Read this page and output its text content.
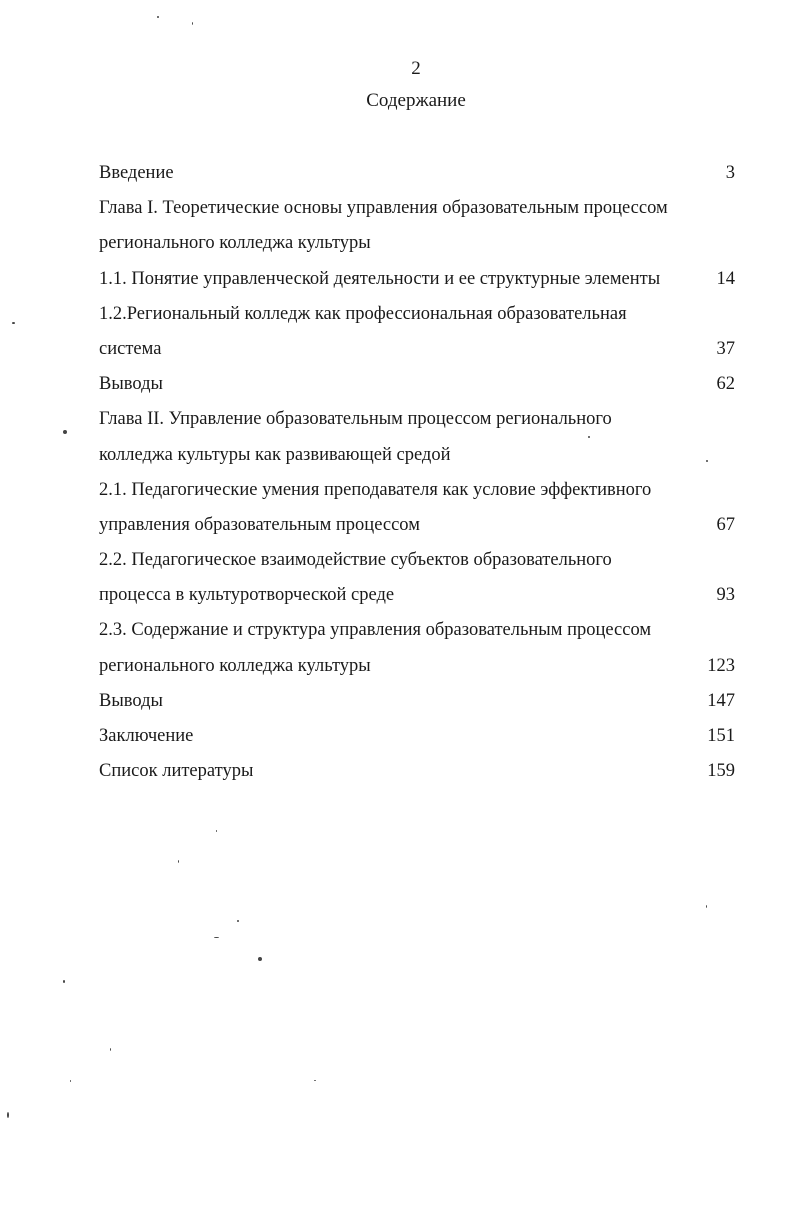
2
Содержание
Введение	3
Глава I. Теоретические основы управления образовательным процессом
регионального колледжа культуры
1.1. Понятие управленческой деятельности и ее структурные элементы	14
1.2.Региональный колледж как профессиональная образовательная
система	37
Выводы	62
Глава II. Управление образовательным процессом регионального
колледжа культуры как развивающей средой
2.1. Педагогические умения преподавателя как условие эффективного
управления образовательным процессом	67
2.2. Педагогическое взаимодействие субъектов образовательного
процесса в культуротворческой среде	93
2.3. Содержание и структура управления образовательным процессом
регионального колледжа культуры	123
Выводы	147
Заключение	151
Список литературы	159
